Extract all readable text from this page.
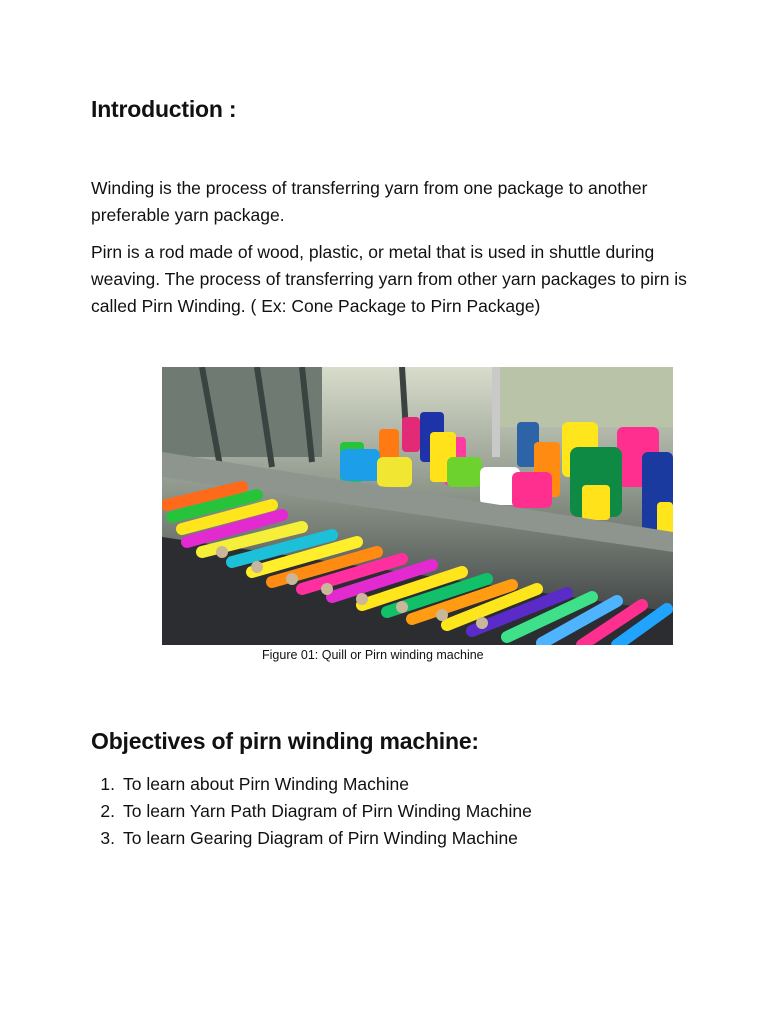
Introduction :

Winding is the process of transferring yarn from one package to another preferable yarn package.

Pirn is a rod made of wood, plastic, or metal that is used in shuttle during weaving. The process of transferring yarn from other yarn packages to pirn is called Pirn Winding. ( Ex: Cone Package to Pirn Package)

Figure 01: Quill or Pirn winding machine
Objectives of pirn winding machine:
1. To learn about Pirn Winding Machine
2. To learn Yarn Path Diagram of Pirn Winding Machine
3. To learn Gearing Diagram of Pirn Winding Machine
